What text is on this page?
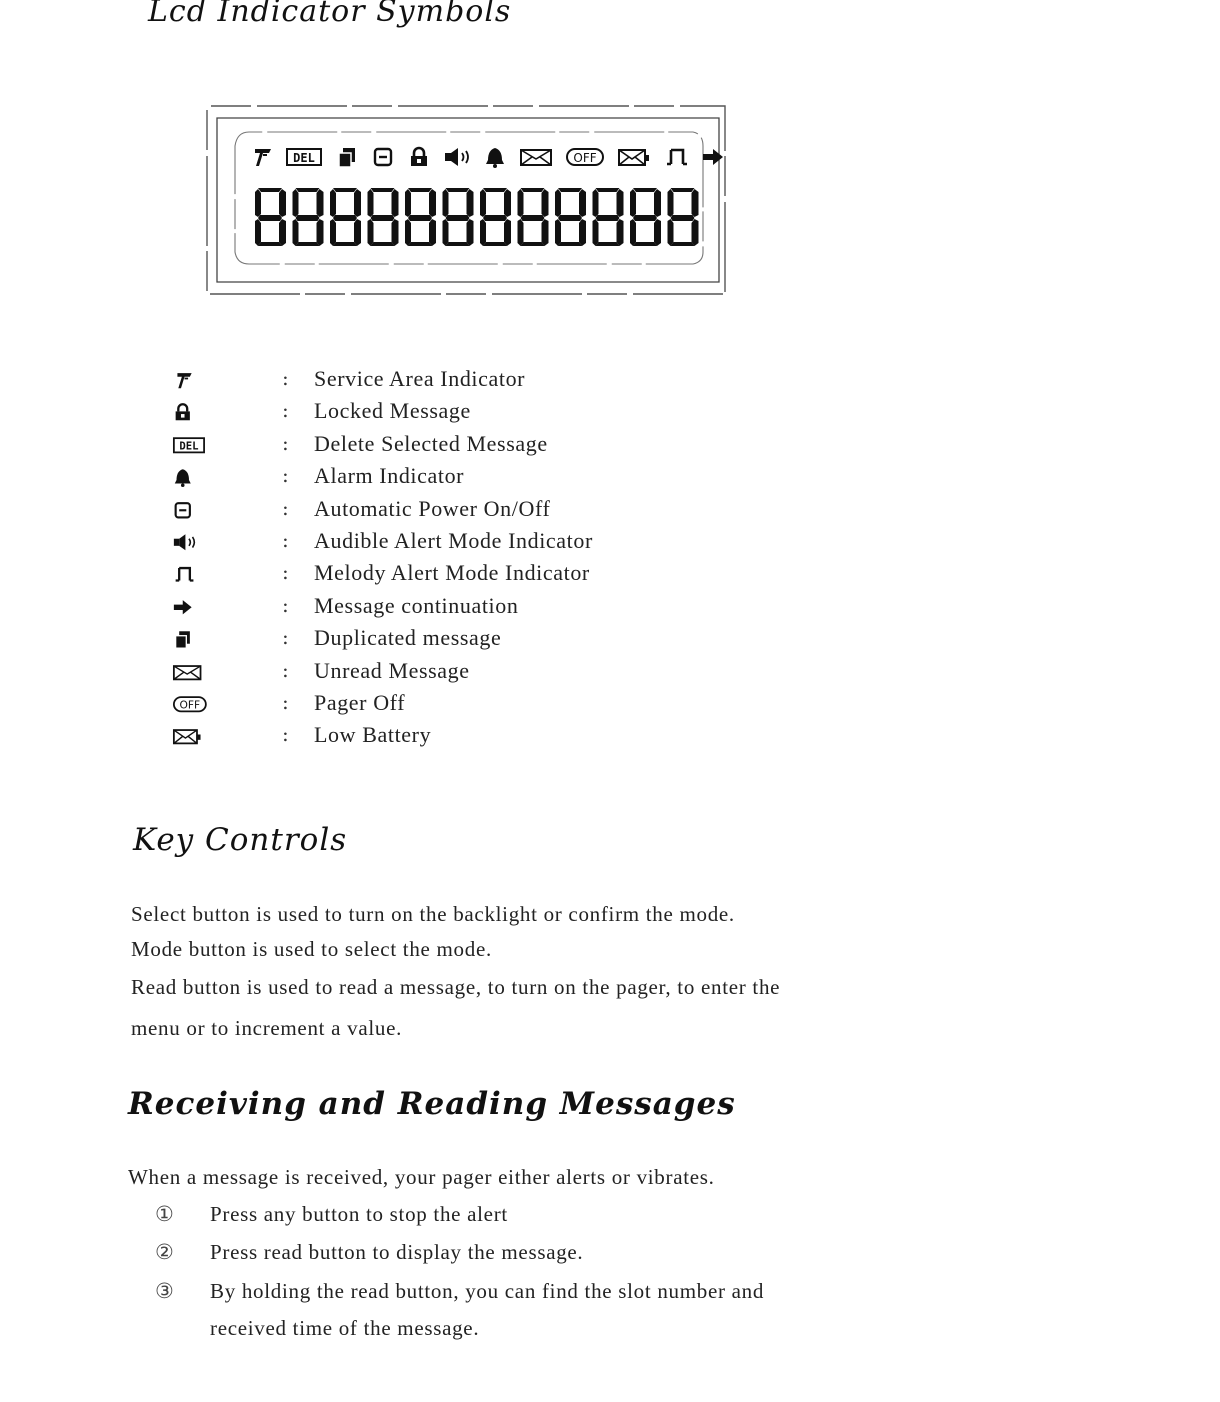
Lcd Indicator Symbols
DEL	OFF
: Service Area Indicator
: Locked Message
DEL	: Delete Selected Message
: Alarm Indicator
: Automatic Power On/Off
: Audible Alert Mode Indicator
: Melody Alert Mode Indicator
: Message continuation
: Duplicated message
: Unread Message
OFF	: Pager Off
: Low Battery
Key Controls
Select button is used to turn on the backlight or confirm the mode.
Mode button is used to select the mode.
Read button is used to read a message, to turn on the pager, to enter the
menu or to increment a value.
Receiving and Reading Messages
When a message is received, your pager either alerts or vibrates.
① Press any button to stop the alert
② Press read button to display the message.
③ By holding the read button, you can find the slot number and
received time of the message.
